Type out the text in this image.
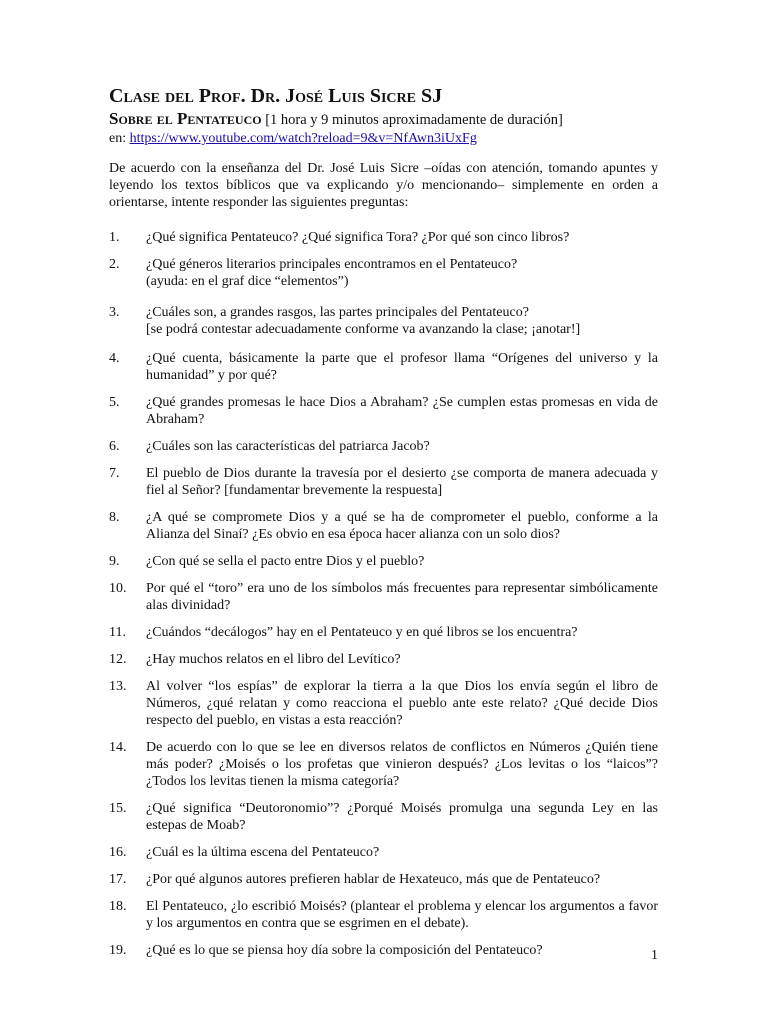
Clase del Prof. Dr. José Luis Sicre SJ
Sobre el Pentateuco [1 hora y 9 minutos aproximadamente de duración]
en: https://www.youtube.com/watch?reload=9&v=NfAwn3iUxFg

De acuerdo con la enseñanza del Dr. José Luis Sicre –oídas con atención, tomando apuntes y leyendo los textos bíblicos que va explicando y/o mencionando– simplemente en orden a orientarse, intente responder las siguientes preguntas:

1. ¿Qué significa Pentateuco? ¿Qué significa Tora? ¿Por qué son cinco libros?
2. ¿Qué géneros literarios principales encontramos en el Pentateuco?
(ayuda: en el graf dice “elementos”)
3. ¿Cuáles son, a grandes rasgos, las partes principales del Pentateuco?
[se podrá contestar adecuadamente conforme va avanzando la clase; ¡anotar!]
4. ¿Qué cuenta, básicamente la parte que el profesor llama “Orígenes del universo y la humanidad” y por qué?
5. ¿Qué grandes promesas le hace Dios a Abraham? ¿Se cumplen estas promesas en vida de Abraham?
6. ¿Cuáles son las características del patriarca Jacob?
7. El pueblo de Dios durante la travesía por el desierto ¿se comporta de manera adecuada y fiel al Señor? [fundamentar brevemente la respuesta]
8. ¿A qué se compromete Dios y a qué se ha de comprometer el pueblo, conforme a la Alianza del Sinaí? ¿Es obvio en esa época hacer alianza con un solo dios?
9. ¿Con qué se sella el pacto entre Dios y el pueblo?
10. Por qué el “toro” era uno de los símbolos más frecuentes para representar simbólicamente alas divinidad?
11. ¿Cuándos “decálogos” hay en el Pentateuco y en qué libros se los encuentra?
12. ¿Hay muchos relatos en el libro del Levítico?
13. Al volver “los espías” de explorar la tierra a la que Dios los envía según el libro de Números, ¿qué relatan y como reacciona el pueblo ante este relato? ¿Qué decide Dios respecto del pueblo, en vistas a esta reacción?
14. De acuerdo con lo que se lee en diversos relatos de conflictos en Números ¿Quién tiene más poder? ¿Moisés o los profetas que vinieron después? ¿Los levitas o los “laicos”? ¿Todos los levitas tienen la misma categoría?
15. ¿Qué significa “Deutoronomio”? ¿Porqué Moisés promulga una segunda Ley en las estepas de Moab?
16. ¿Cuál es la última escena del Pentateuco?
17. ¿Por qué algunos autores prefieren hablar de Hexateuco, más que de Pentateuco?
18. El Pentateuco, ¿lo escribió Moisés? (plantear el problema y elencar los argumentos a favor y los argumentos en contra que se esgrimen en el debate).
19. ¿Qué es lo que se piensa hoy día sobre la composición del Pentateuco?	1
